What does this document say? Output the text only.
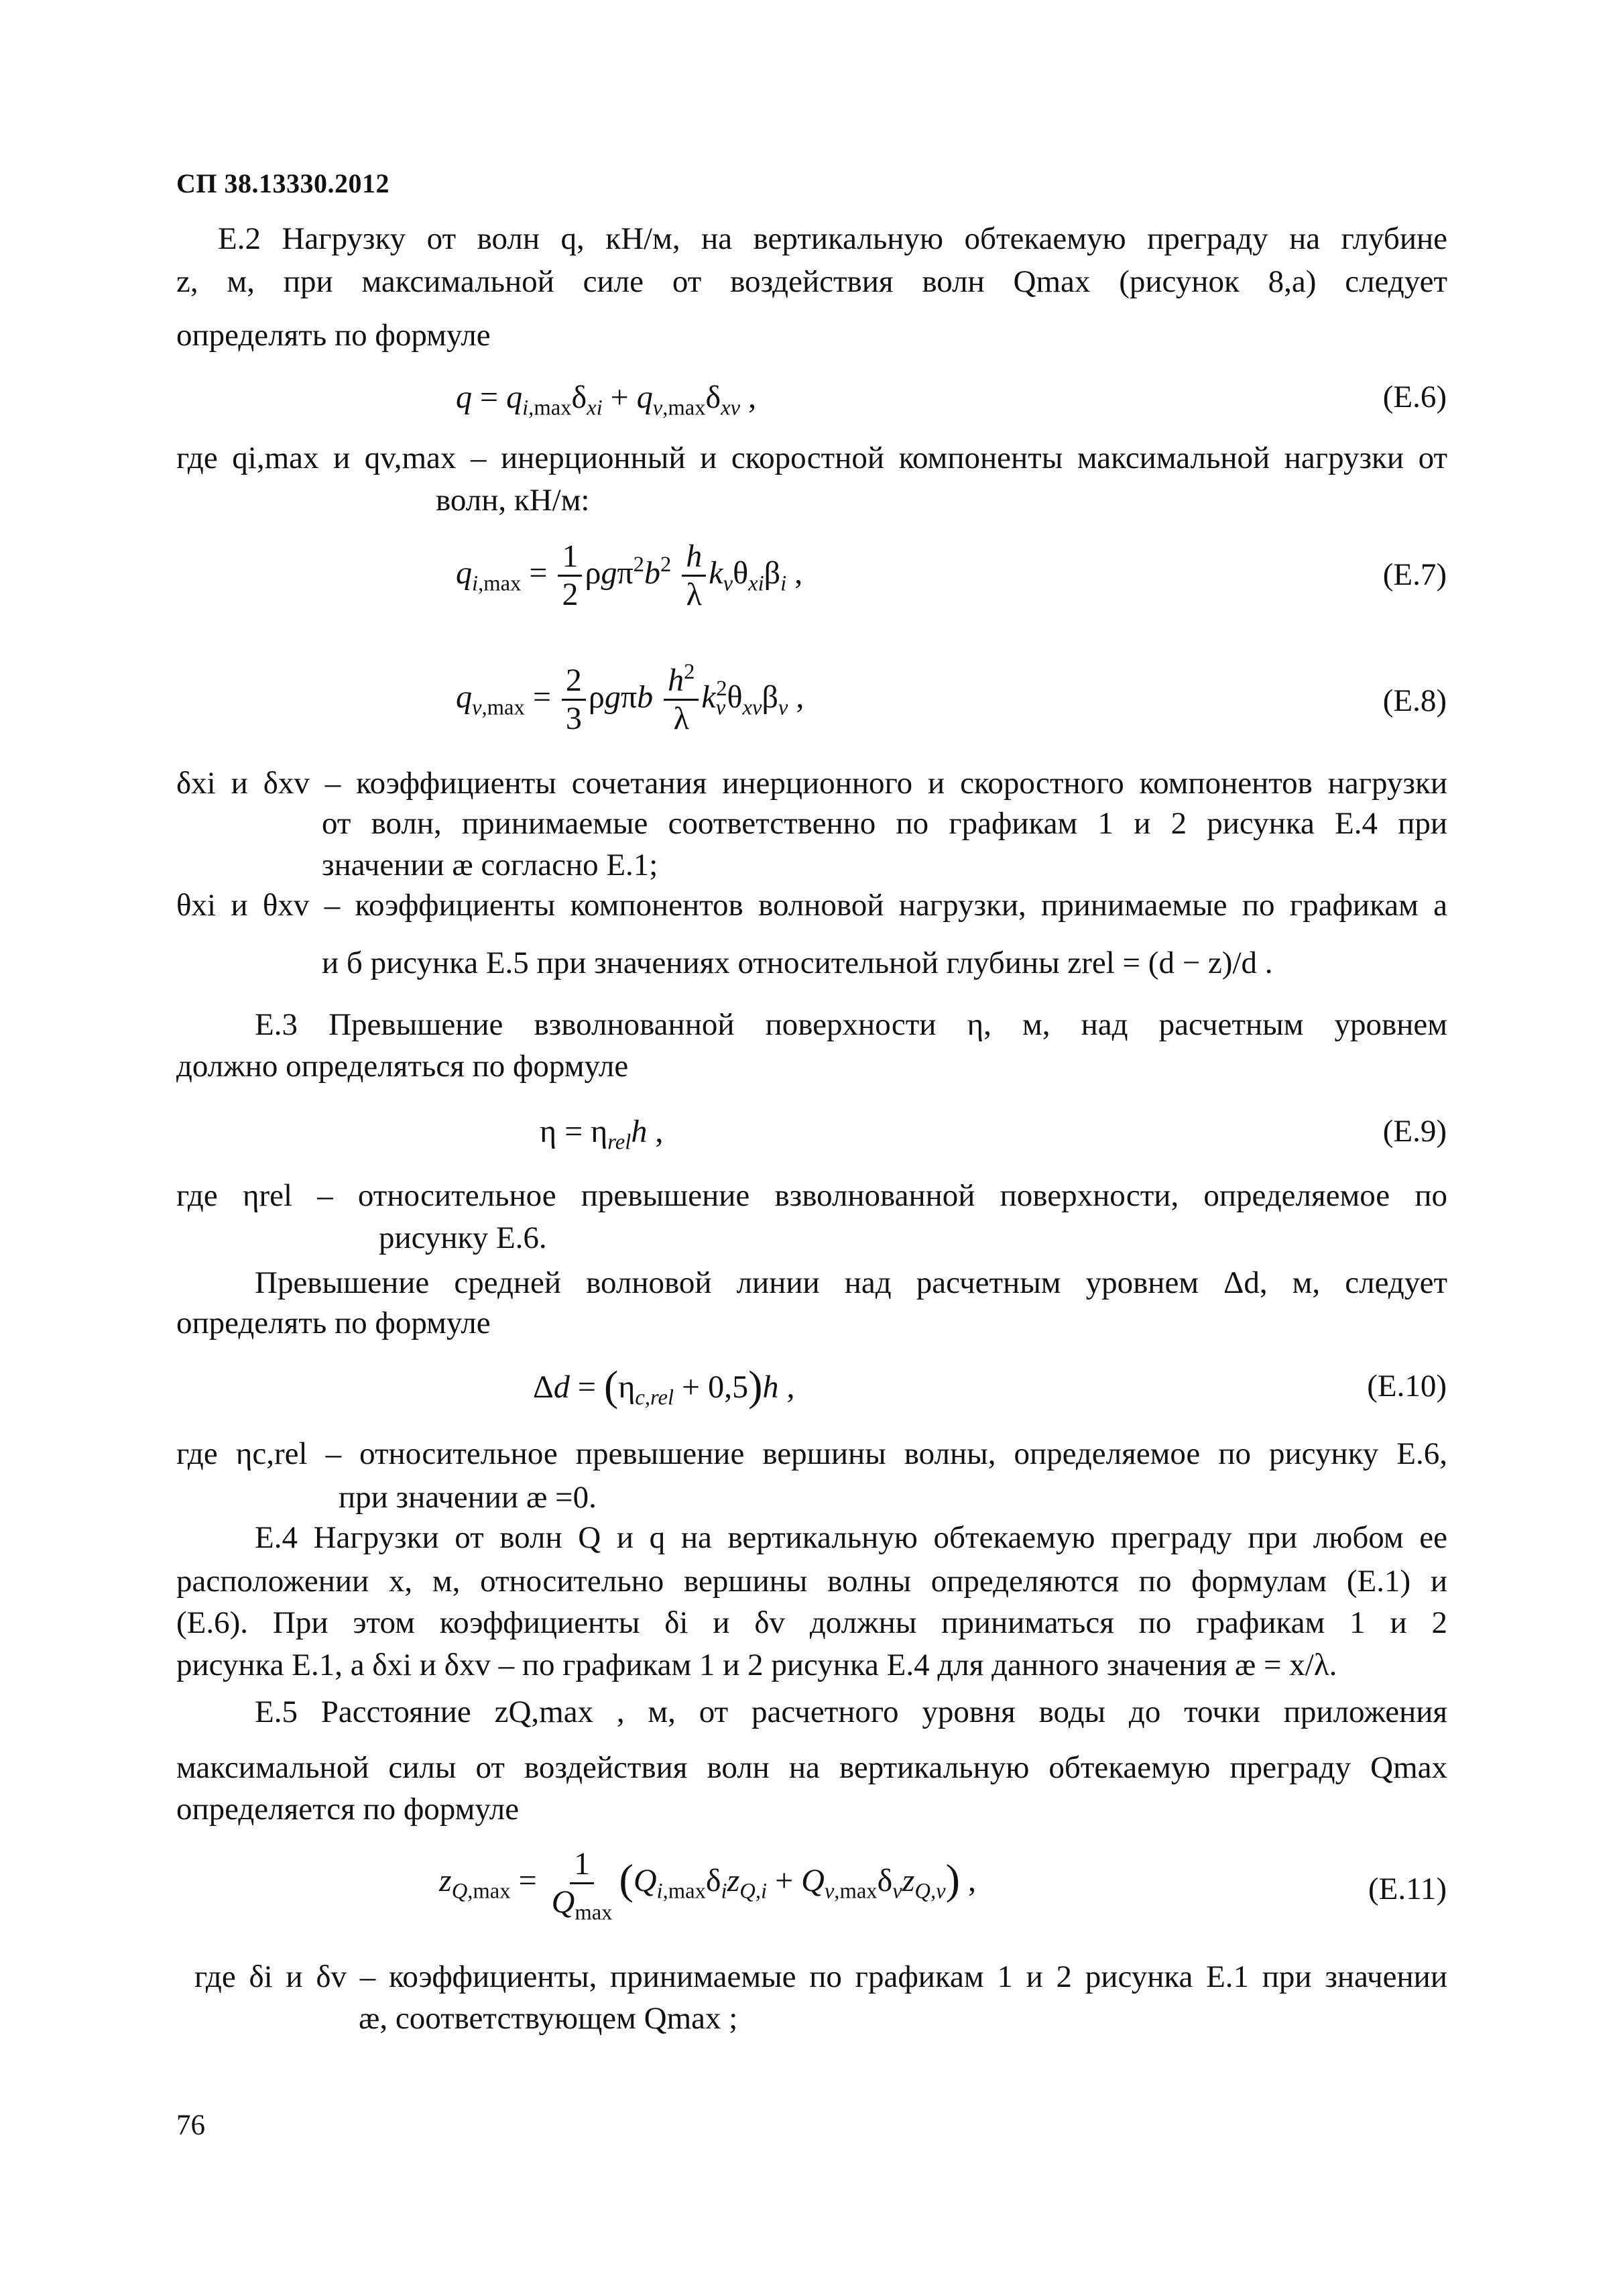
СП 38.13330.2012
Е.2 Нагрузку от волн q, кН/м, на вертикальную обтекаемую преграду на глубине
z, м, при максимальной силе от воздействия волн Qmax (рисунок 8,a) следует
определять по формуле
$q = q_{i,max}\delta_{xi} + q_{v,max}\delta_{xv}$ ,	(Е.6)
где qi,max и qv,max – инерционный и скоростной компоненты максимальной нагрузки от
волн, кН/м:
$q_{i,max} = \frac{1}{2} \rho g\pi^2b^2 \frac{h}{\lambda} k_v\theta_{xi}\beta_i$ ,	(Е.7)
$q_{v,max} = \frac{2}{3}$ ρgπb $\frac{h^2}{\lambda} k_v^2\theta_{xv}\beta_v$ ,	(Е.8)
δxi и δxv – коэффициенты сочетания инерционного и скоростного компонентов нагрузки
от волн, принимаемые соответственно по графикам 1 и 2 рисунка Е.4 при
значении æ согласно Е.1;
θxi и θxv – коэффициенты компонентов волновой нагрузки, принимаемые по графикам а
и б рисунка Е.5 при значениях относительной глубины zrel = (d − z)/d .
Е.3 Превышение взволнованной поверхности η, м, над расчетным уровнем
должно определяться по формуле
$\eta = \eta_{rel}h$ ,	(Е.9)
где ηrel – относительное превышение взволнованной поверхности, определяемое по
рисунку Е.6.
Превышение средней волновой линии над расчетным уровнем Δd, м, следует
определять по формуле
$\Delta d = (\eta_{c,rel} + 0,5)h$ ,	(Е.10)
где ηc,rel – относительное превышение вершины волны, определяемое по рисунку Е.6,
при значении æ =0.
Е.4 Нагрузки от волн Q и q на вертикальную обтекаемую преграду при любом ее
расположении x, м, относительно вершины волны определяются по формулам (Е.1) и
(Е.6). При этом коэффициенты δi и δv должны приниматься по графикам 1 и 2
рисунка Е.1, а δxi и δxv – по графикам 1 и 2 рисунка Е.4 для данного значения æ = x/λ.
Е.5 Расстояние zQ,max , м, от расчетного уровня воды до точки приложения
максимальной силы от воздействия волн на вертикальную обтекаемую преграду Qmax
определяется по формуле
$z_{Q,max} = \frac{1}{Q_{max}} (Q_{i,max}\delta_iz_{Q,i} + Q_{v,max}\delta_vz_{Q,v})$ ,	(Е.11)
где δi и δv – коэффициенты, принимаемые по графикам 1 и 2 рисунка Е.1 при значении
æ, соответствующем Qmax ;
76
